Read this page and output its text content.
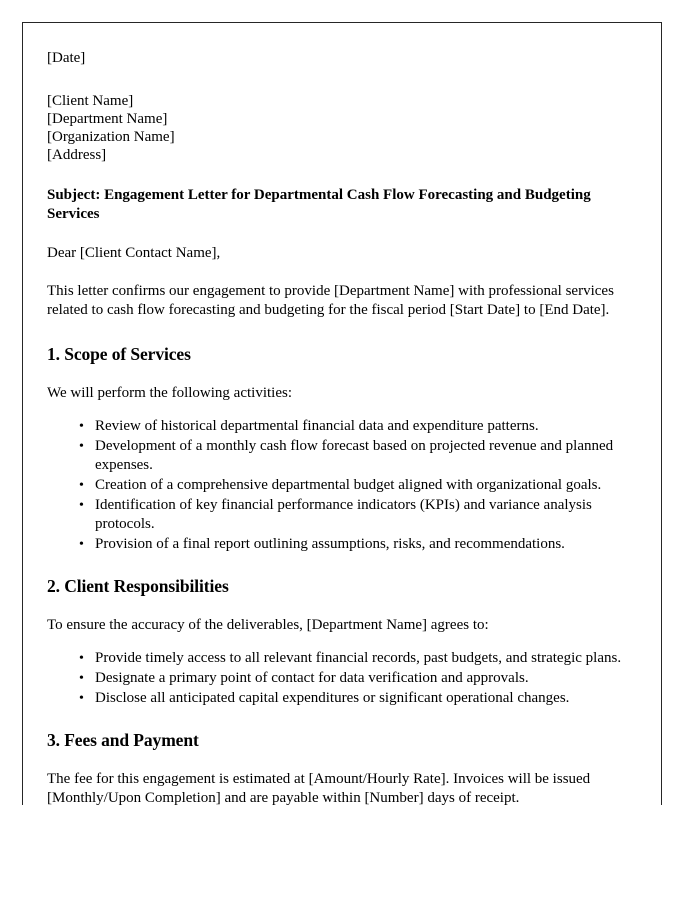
[Date]
[Client Name]
[Department Name]
[Organization Name]
[Address]
Subject: Engagement Letter for Departmental Cash Flow Forecasting and Budgeting Services
Dear [Client Contact Name],
This letter confirms our engagement to provide [Department Name] with professional services related to cash flow forecasting and budgeting for the fiscal period [Start Date] to [End Date].
1. Scope of Services
We will perform the following activities:
• Review of historical departmental financial data and expenditure patterns.
• Development of a monthly cash flow forecast based on projected revenue and planned expenses.
• Creation of a comprehensive departmental budget aligned with organizational goals.
• Identification of key financial performance indicators (KPIs) and variance analysis protocols.
• Provision of a final report outlining assumptions, risks, and recommendations.
2. Client Responsibilities
To ensure the accuracy of the deliverables, [Department Name] agrees to:
• Provide timely access to all relevant financial records, past budgets, and strategic plans.
• Designate a primary point of contact for data verification and approvals.
• Disclose all anticipated capital expenditures or significant operational changes.
3. Fees and Payment
The fee for this engagement is estimated at [Amount/Hourly Rate]. Invoices will be issued [Monthly/Upon Completion] and are payable within [Number] days of receipt.
